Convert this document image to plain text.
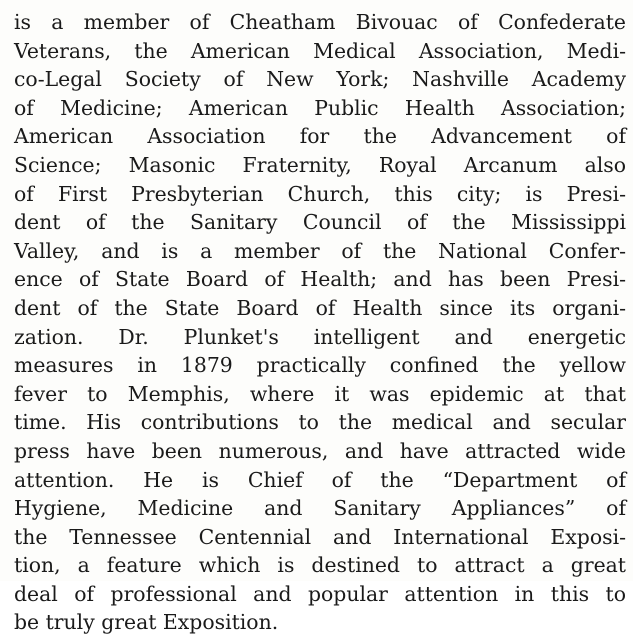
is a member of Cheatham Bivouac of Confederate
Veterans, the American Medical Association, Medi-
co-Legal Society of New York; Nashville Academy
of Medicine; American Public Health Association;
American Association for the Advancement of
Science; Masonic Fraternity, Royal Arcanum also
of First Presbyterian Church, this city; is Presi-
dent of the Sanitary Council of the Mississippi
Valley, and is a member of the National Confer-
ence of State Board of Health; and has been Presi-
dent of the State Board of Health since its organi-
zation. Dr. Plunket's intelligent and energetic
measures in 1879 practically confined the yellow
fever to Memphis, where it was epidemic at that
time. His contributions to the medical and secular
press have been numerous, and have attracted wide
attention. He is Chief of the “Department of
Hygiene, Medicine and Sanitary Appliances” of
the Tennessee Centennial and International Exposi-
tion, a feature which is destined to attract a great
deal of professional and popular attention in this to
be truly great Exposition.
